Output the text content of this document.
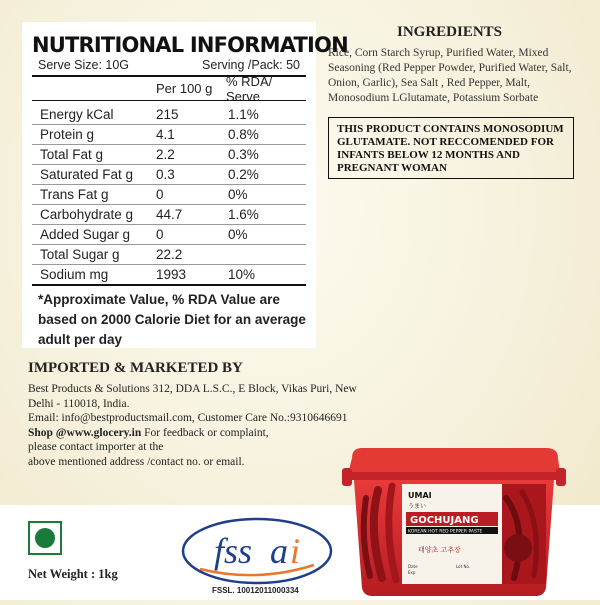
NUTRITIONAL INFORMATION
Serve Size: 10G	Serving /Pack: 50
Per 100 g	% RDA/ Serve
Energy kCal	215	1.1%
Protein g	4.1	0.8%
Total Fat g	2.2	0.3%
Saturated Fat g	0.3	0.2%
Trans Fat g	0	0%
Carbohydrate g	44.7	1.6%
Added Sugar g	0	0%
Total Sugar g	22.2
Sodium mg	1993	10%
*Approximate Value, % RDA Value are based on 2000 Calorie Diet for an average adult per day
INGREDIENTS
Rice, Corn Starch Syrup, Purified Water, Mixed Seasoning (Red Pepper Powder, Purified Water, Salt, Onion, Garlic), Sea Salt , Red Pepper, Malt, Monosodium LGlutamate, Potassium Sorbate
THIS PRODUCT CONTAINS MONOSODIUM GLUTAMATE. NOT RECCOMENDED FOR INFANTS BELOW 12 MONTHS AND PREGNANT WOMAN
IMPORTED & MARKETED BY
Best Products & Solutions 312, DDA L.S.C., E Block, Vikas Puri, New Delhi - 110018, India.
Email: info@bestproductsmail.com, Customer Care No.:9310646691
Shop @www.glocery.in For feedback or complaint,
please contact importer at the
above mentioned address /contact no. or email.
Net Weight : 1kg
fss a i
FSSL. 10012011000334
UMAI
うまい
GOCHUJANG
KOREAN HOT RED PEPPER PASTE
태양초 고추장
Date
Exp
Lot No.
